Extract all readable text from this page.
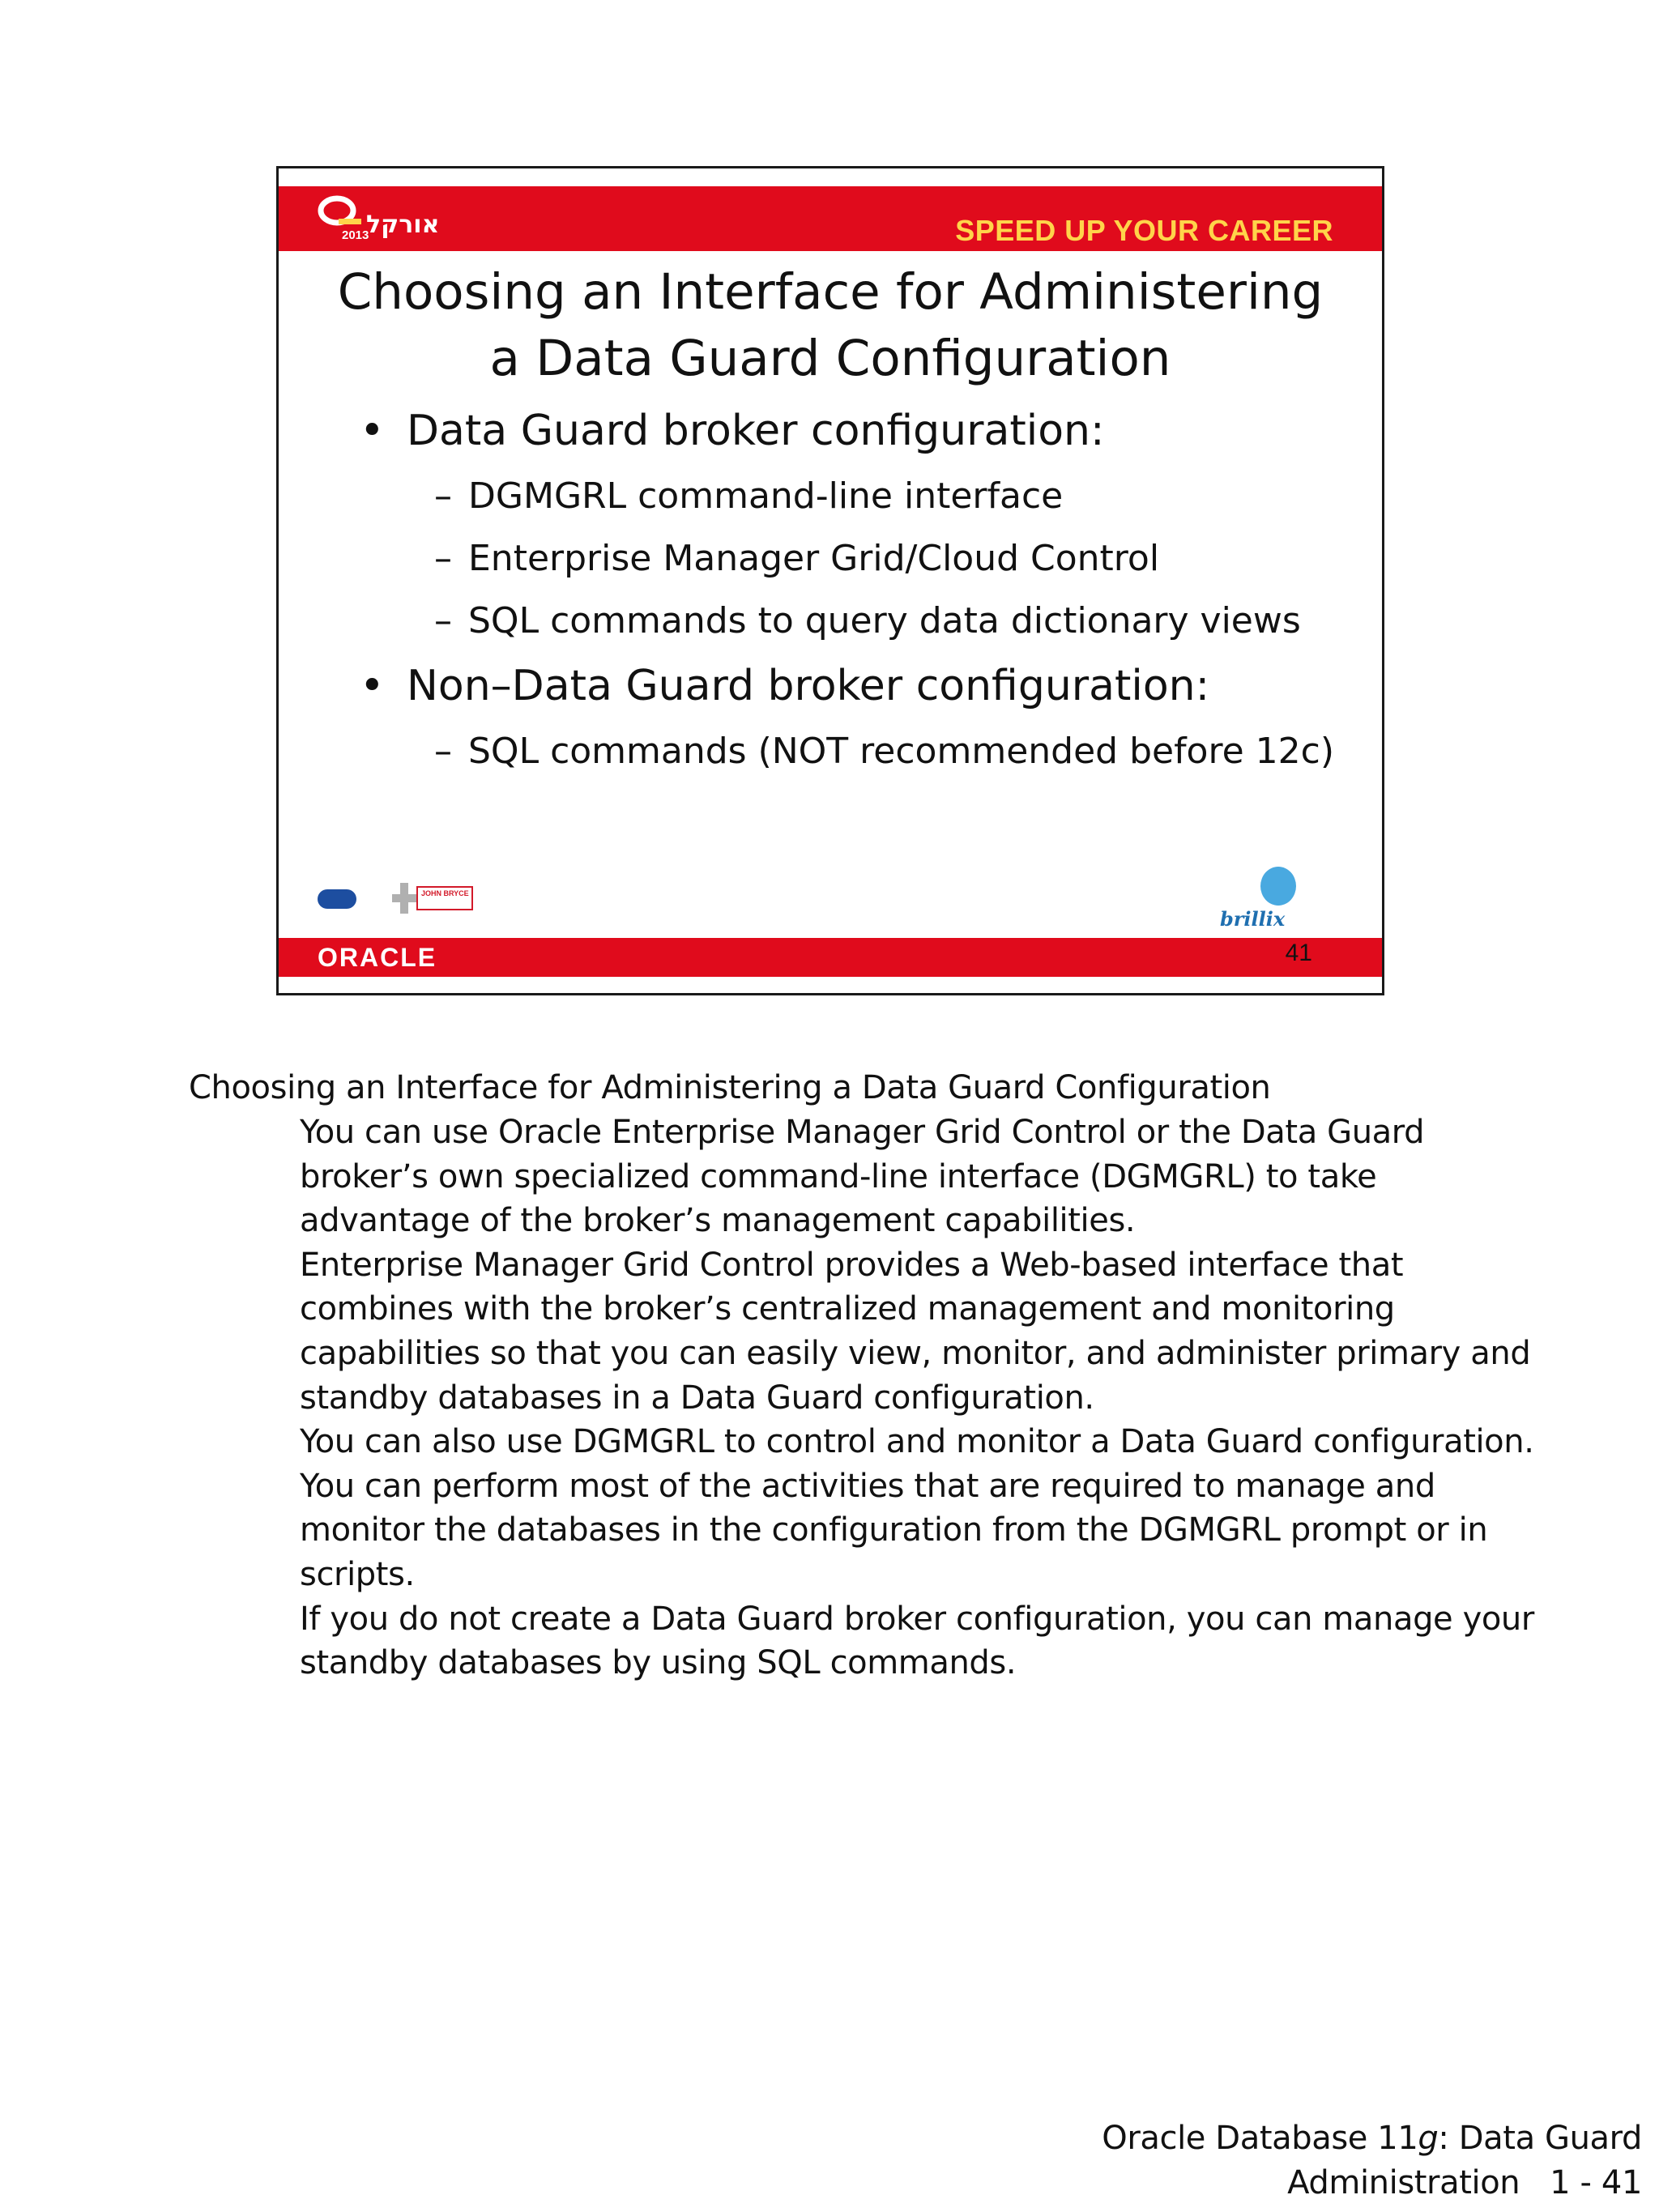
2013
אורקל	SPEED UP YOUR CAREER
Choosing an Interface for Administering
a Data Guard Configuration

• Data Guard broker configuration:

– DGMGRL command-line interface

– Enterprise Manager Grid/Cloud Control

– SQL commands to query data dictionary views

• Non–Data Guard broker configuration:

– SQL commands (NOT recommended before 12c)

JOHN BRYCE
brillix
ORACLE	41
Choosing an Interface for Administering a Data Guard Configuration
You can use Oracle Enterprise Manager Grid Control or the Data Guard
broker’s own specialized command-line interface (DGMGRL) to take
advantage of the broker’s management capabilities.
Enterprise Manager Grid Control provides a Web-based interface that
combines with the broker’s centralized management and monitoring
capabilities so that you can easily view, monitor, and administer primary and
standby databases in a Data Guard configuration.
You can also use DGMGRL to control and monitor a Data Guard configuration.
You can perform most of the activities that are required to manage and
monitor the databases in the configuration from the DGMGRL prompt or in
scripts.
If you do not create a Data Guard broker configuration, you can manage your
standby databases by using SQL commands.
Oracle Database 11g: Data Guard
Administration   1 - 41
